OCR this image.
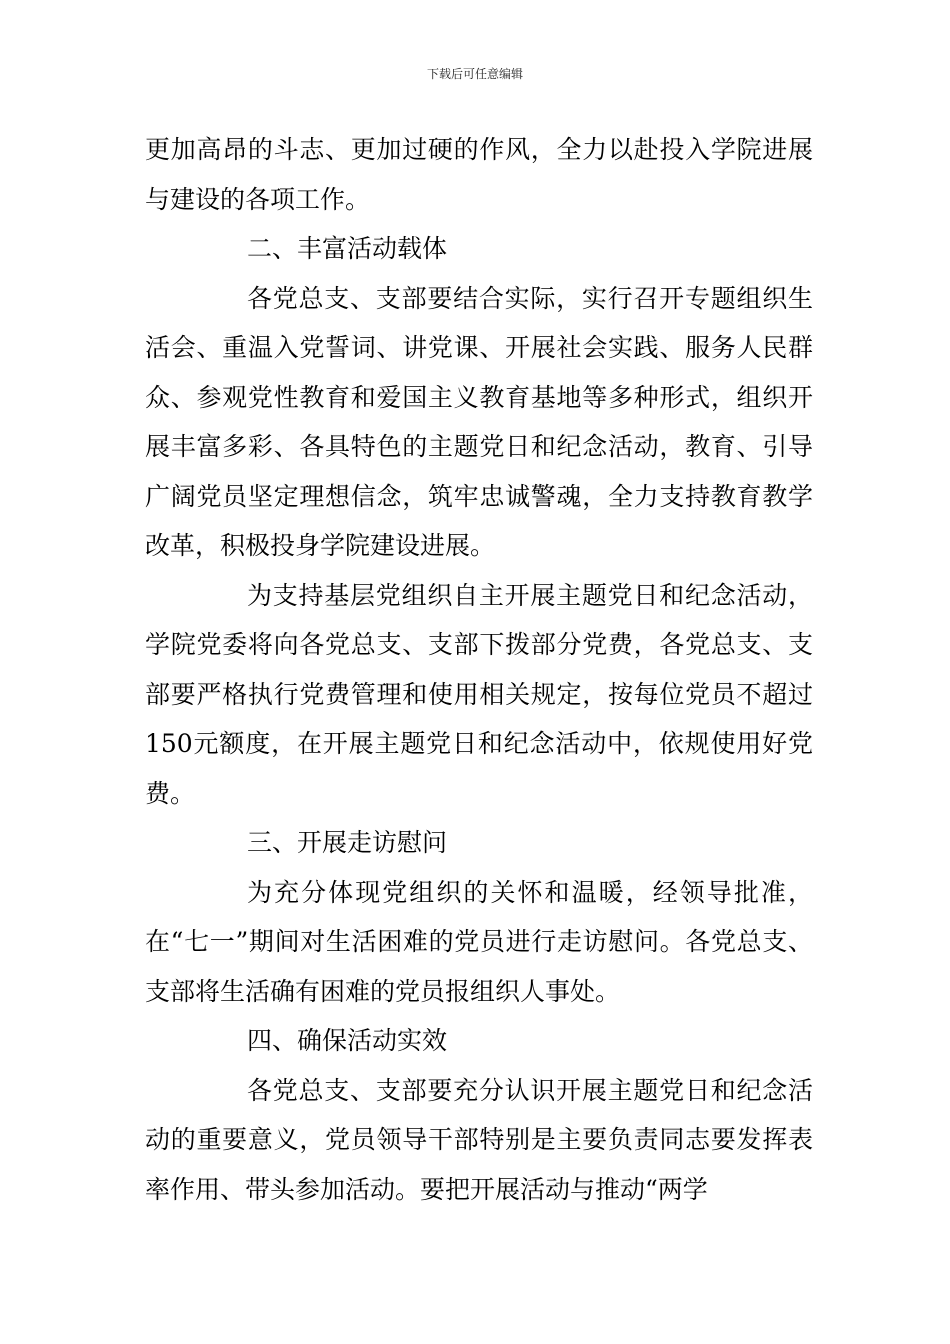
下载后可任意编辑

更加高昂的斗志、更加过硬的作风，全力以赴投入学院进展与建设的各项工作。

二、丰富活动载体

各党总支、支部要结合实际，实行召开专题组织生活会、重温入党誓词、讲党课、开展社会实践、服务人民群众、参观党性教育和爱国主义教育基地等多种形式，组织开展丰富多彩、各具特色的主题党日和纪念活动，教育、引导广阔党员坚定理想信念，筑牢忠诚警魂，全力支持教育教学改革，积极投身学院建设进展。

为支持基层党组织自主开展主题党日和纪念活动，学院党委将向各党总支、支部下拨部分党费，各党总支、支部要严格执行党费管理和使用相关规定，按每位党员不超过150元额度，在开展主题党日和纪念活动中，依规使用好党费。

三、开展走访慰问

为充分体现党组织的关怀和温暖，经领导批准，在“七一”期间对生活困难的党员进行走访慰问。各党总支、支部将生活确有困难的党员报组织人事处。

四、确保活动实效

各党总支、支部要充分认识开展主题党日和纪念活动的重要意义，党员领导干部特别是主要负责同志要发挥表率作用、带头参加活动。要把开展活动与推动“两学
